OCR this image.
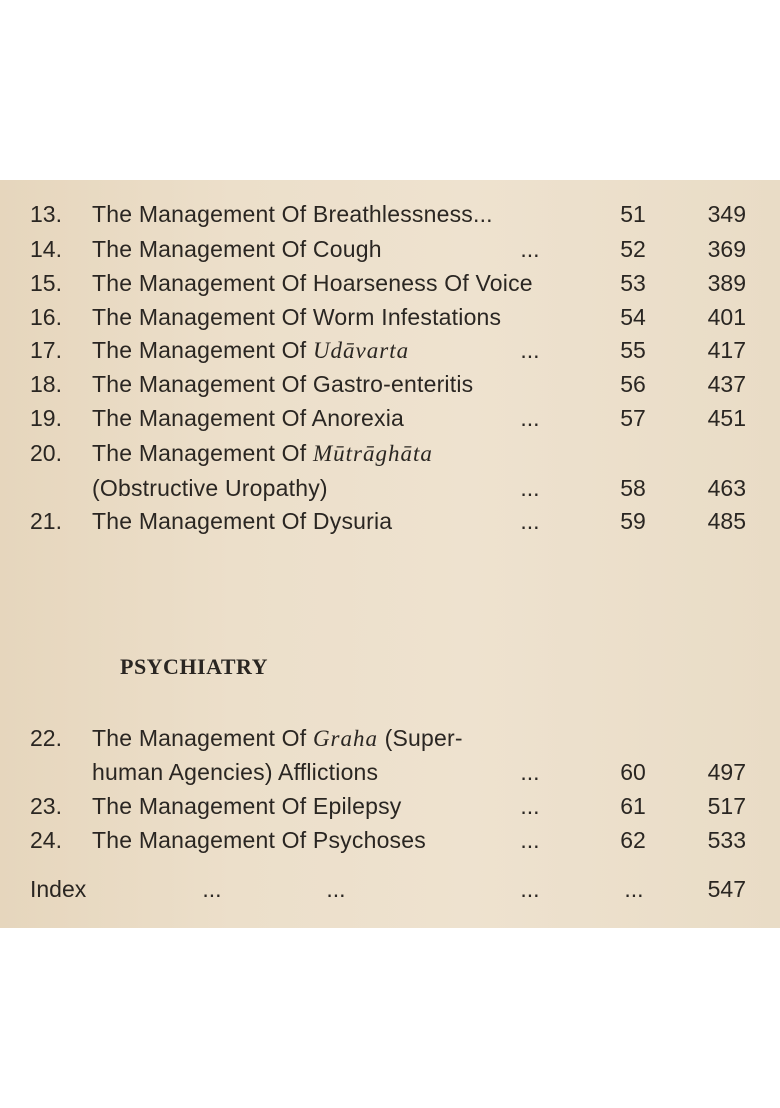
13. The Management Of Breathlessness...	51	349
14. The Management Of Cough	...	52	369
15. The Management Of Hoarseness Of Voice	53	389
16. The Management Of Worm Infestations	54	401
17. The Management Of Udāvarta	...	55	417
18. The Management Of Gastro-enteritis	56	437
19. The Management Of Anorexia	...	57	451
20. The Management Of Mūtrāghāta
(Obstructive Uropathy)	...	58	463
21. The Management Of Dysuria	...	59	485
PSYCHIATRY
22. The Management Of Graha (Super-
human Agencies) Afflictions	...	60	497
23. The Management Of Epilepsy	...	61	517
24. The Management Of Psychoses	...	62	533
Index	...	...	...	...	547
